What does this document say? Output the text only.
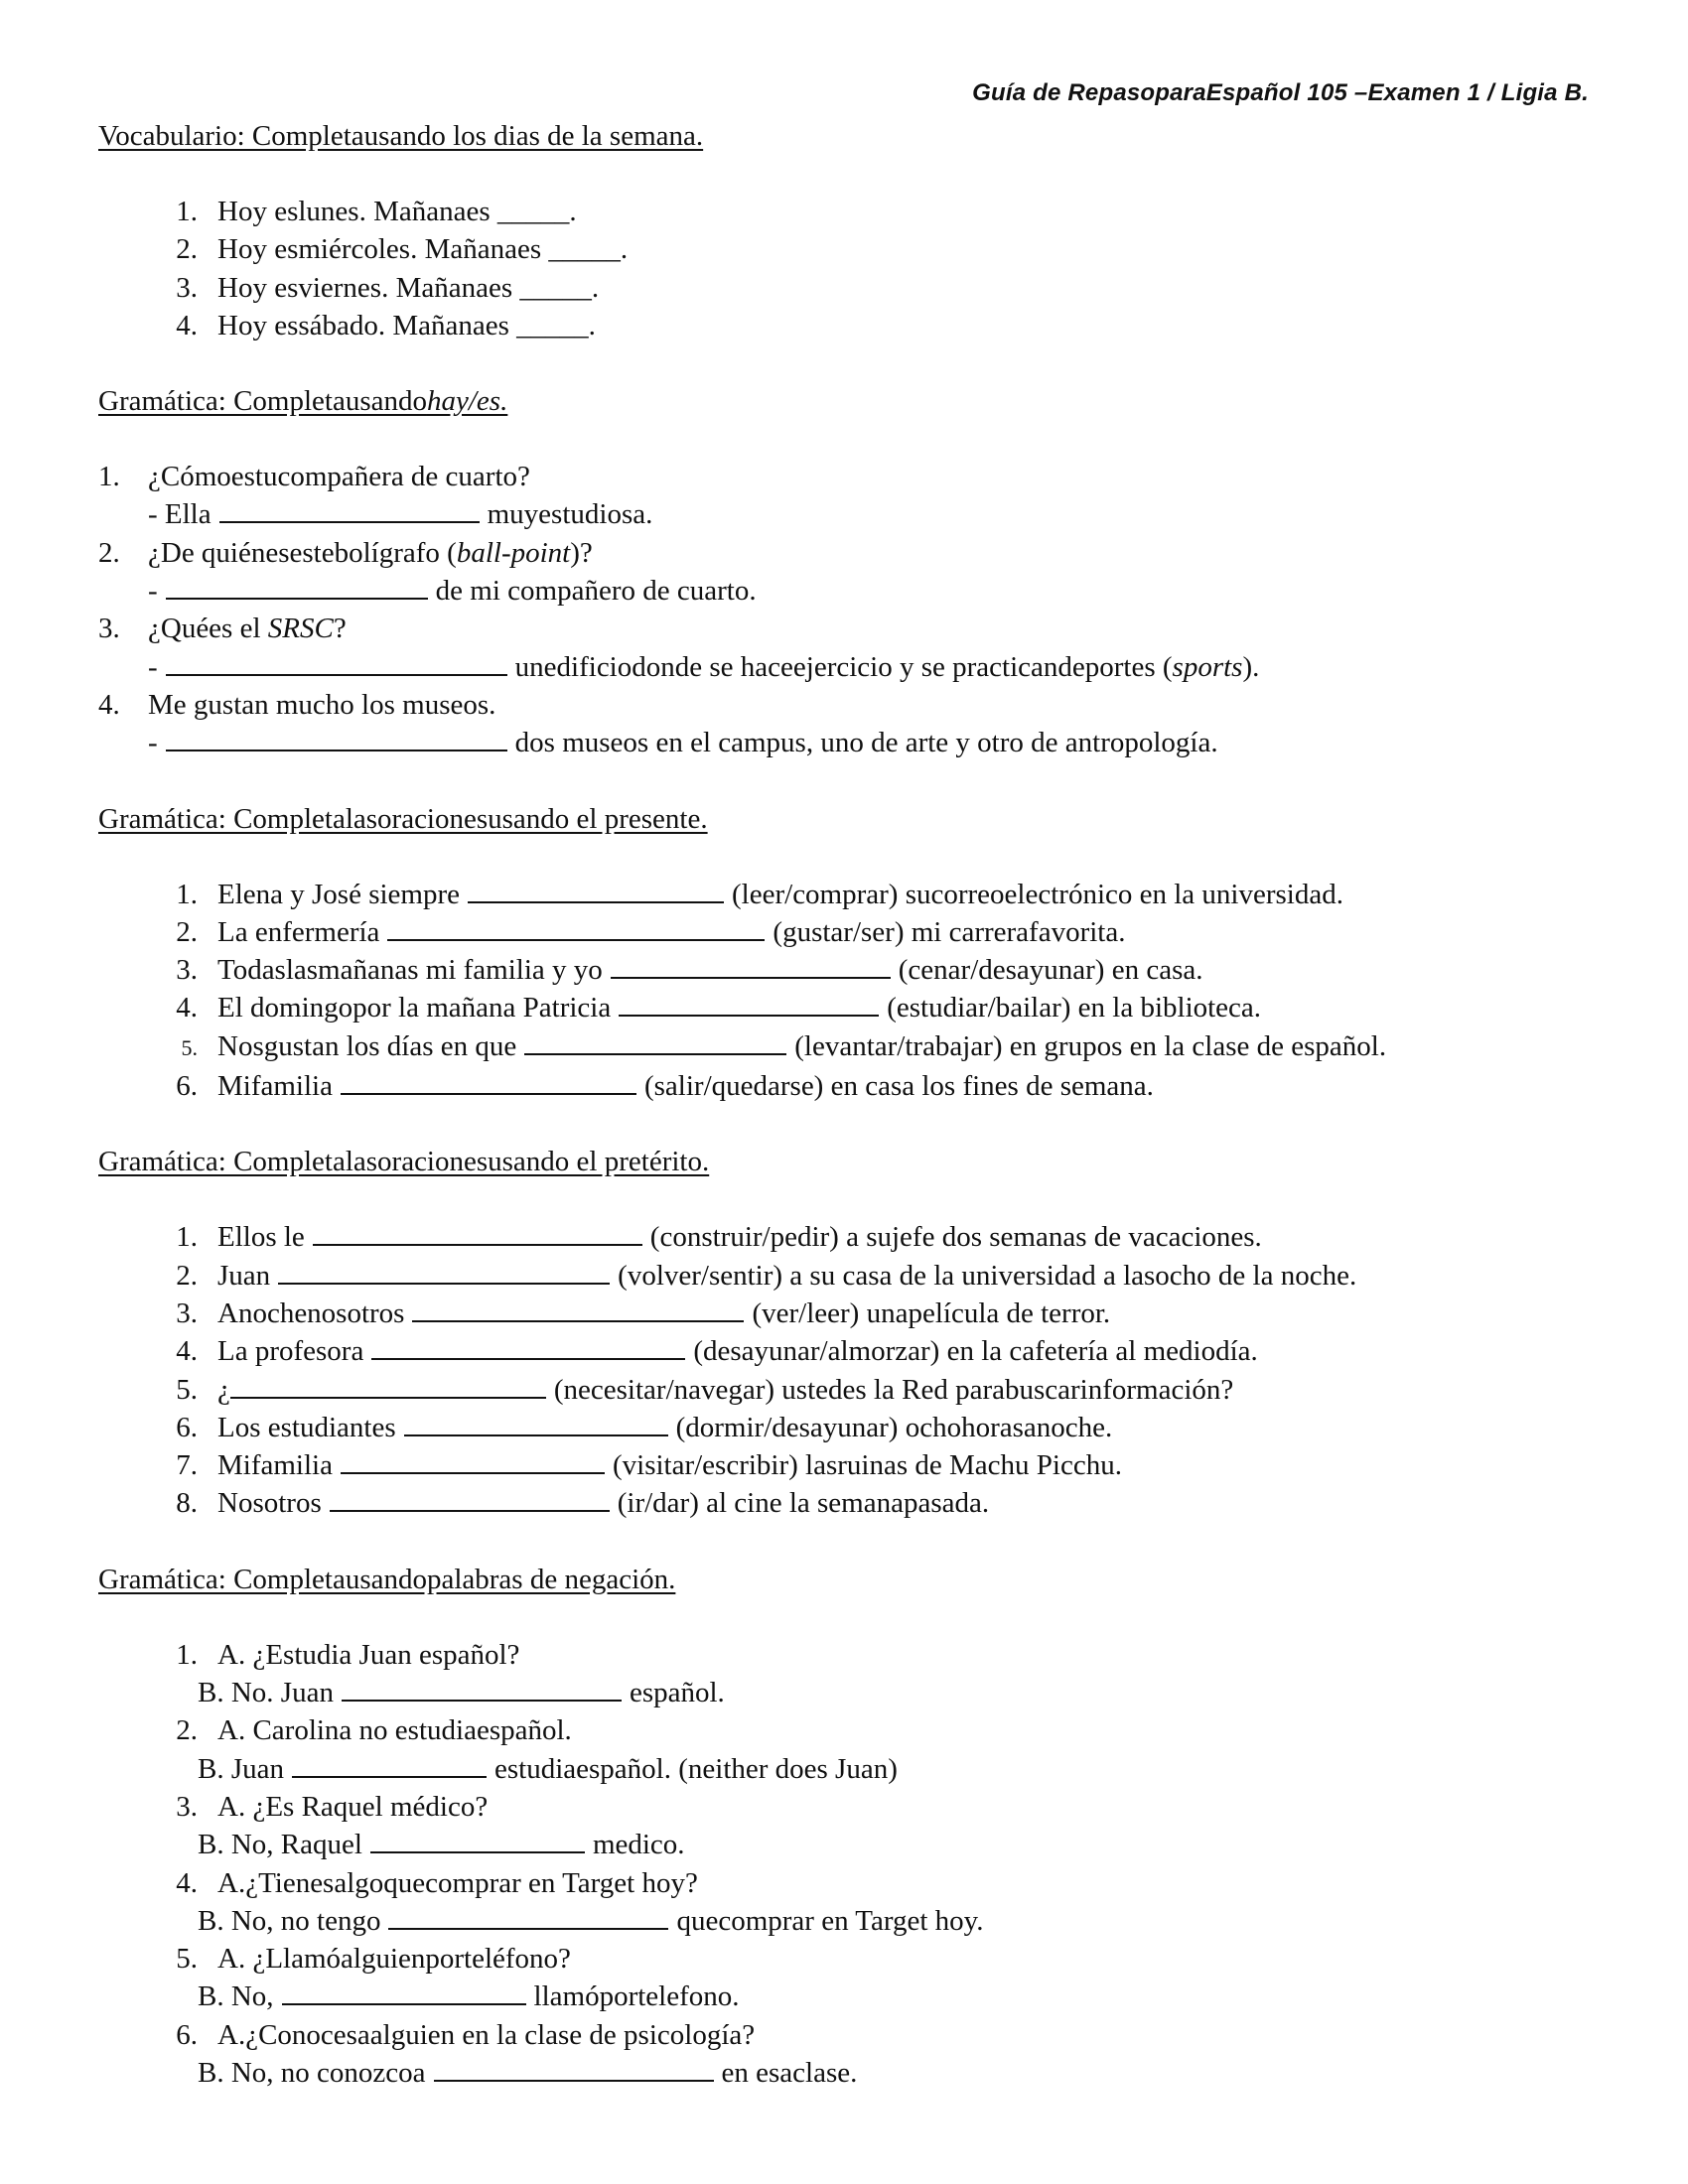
Guía de RepasoparaEspañol 105 –Examen 1 / Ligia B.
Vocabulario: Completausando los dias de la semana.
1. Hoy eslunes. Mañanaes _____.
2. Hoy esmiércoles. Mañanaes _____.
3. Hoy esviernes. Mañanaes _____.
4. Hoy essábado. Mañanaes _____.
Gramática: Completausandohay/es.
1. ¿Cómoestucompañera de cuarto?
- Ella	muyestudiosa.
2. ¿De quiénesestebolígrafo (ball-point)?
-	de mi compañero de cuarto.
3. ¿Quées el SRSC?
-	unedificiodonde se haceejercicio y se practicandeportes (sports).
4. Me gustan mucho los museos.
-	dos museos en el campus, uno de arte y otro de antropología.
Gramática: Completalasoracionesusando el presente.
1. Elena y José siempre	(leer/comprar) sucorreoelectrónico en la universidad.
2. La enfermería	(gustar/ser) mi carrerafavorita.
3. Todaslasmañanas mi familia y yo	(cenar/desayunar) en casa.
4. El domingopor la mañana Patricia	(estudiar/bailar) en la biblioteca.
5. Nosgustan los días en que	(levantar/trabajar) en grupos en la clase de español.
6. Mifamilia	(salir/quedarse) en casa los fines de semana.
Gramática: Completalasoracionesusando el pretérito.
1. Ellos le	(construir/pedir) a sujefe dos semanas de vacaciones.
2. Juan	(volver/sentir) a su casa de la universidad a lasocho de la noche.
3. Anochenosotros	(ver/leer) unapelícula de terror.
4. La profesora	(desayunar/almorzar) en la cafetería al mediodía.
5. ¿	(necesitar/navegar) ustedes la Red parabuscarinformación?
6. Los estudiantes	(dormir/desayunar) ochohorasanoche.
7. Mifamilia	(visitar/escribir) lasruinas de Machu Picchu.
8. Nosotros	(ir/dar) al cine la semanapasada.
Gramática: Completausandopalabras de negación.
1. A. ¿Estudia Juan español?
B. No. Juan	español.
2. A. Carolina no estudiaespañol.
B. Juan	estudiaespañol. (neither does Juan)
3. A. ¿Es Raquel médico?
B. No, Raquel	medico.
4. A.¿Tienesalgoquecomprar en Target hoy?
B. No, no tengo	quecomprar en Target hoy.
5. A. ¿Llamóalguienporteléfono?
B. No,	llamóportelefono.
6. A.¿Conocesaalguien en la clase de psicología?
B. No, no conozcoa	en esaclase.
